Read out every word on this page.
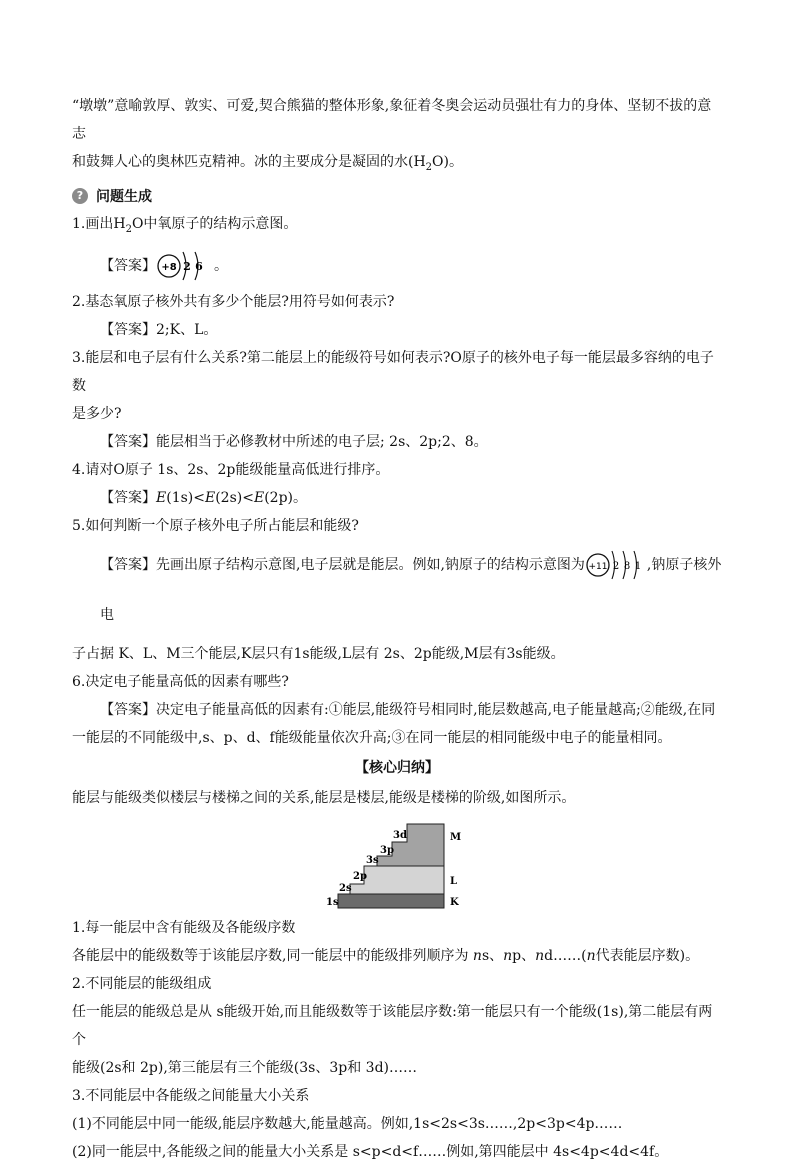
“墩墩”意喻敦厚、敦实、可爱,契合熊猫的整体形象,象征着冬奥会运动员强壮有力的身体、坚韧不拔的意志

和鼓舞人心的奥林匹克精神。冰的主要成分是凝固的水$(H_2O)$。

? 问题生成

1.画出$H_2O$中氧原子的结构示意图。

【答案】 +8 2 6 。

2.基态氧原子核外共有多少个能层?用符号如何表示?

【答案】2;K、L。

3.能层和电子层有什么关系?第二能层上的能级符号如何表示?O原子的核外电子每一能层最多容纳的电子数

是多少?

【答案】能层相当于必修教材中所述的电子层; 2s、2p;2、8。

4.请对O原子 1s、2s、2p能级能量高低进行排序。

【答案】E(1s)<E(2s)<E(2p)。

5.如何判断一个原子核外电子所占能层和能级?

【答案】先画出原子结构示意图,电子层就是能层。例如,钠原子的结构示意图为 +11 2 8 1 ,钠原子核外电

子占据 K、L、M三个能层,K层只有1s能级,L层有 2s、2p能级,M层有3s能级。

6.决定电子能量高低的因素有哪些?

【答案】决定电子能量高低的因素有:①能层,能级符号相同时,能层数越高,电子能量越高;②能级,在同

一能层的不同能级中,s、p、d、f能级能量依次升高;③在同一能层的相同能级中电子的能量相同。

【核心归纳】

能层与能级类似楼层与楼梯之间的关系,能层是楼层,能级是楼梯的阶级,如图所示。

1s
2s
2p
3s
3p
3d
K
L
M

1.每一能层中含有能级及各能级序数

各能层中的能级数等于该能层序数,同一能层中的能级排列顺序为 ns、np、nd……(n代表能层序数)。

2.不同能层的能级组成

任一能层的能级总是从 s能级开始,而且能级数等于该能层序数:第一能层只有一个能级(1s),第二能层有两个

能级(2s和 2p),第三能层有三个能级(3s、3p和 3d)……

3.不同能层中各能级之间能量大小关系

(1)不同能层中同一能级,能层序数越大,能量越高。例如,1s<2s<3s……,2p<3p<4p……

(2)同一能层中,各能级之间的能量大小关系是 s<p<d<f……例如,第四能层中 4s<4p<4d<4f。
